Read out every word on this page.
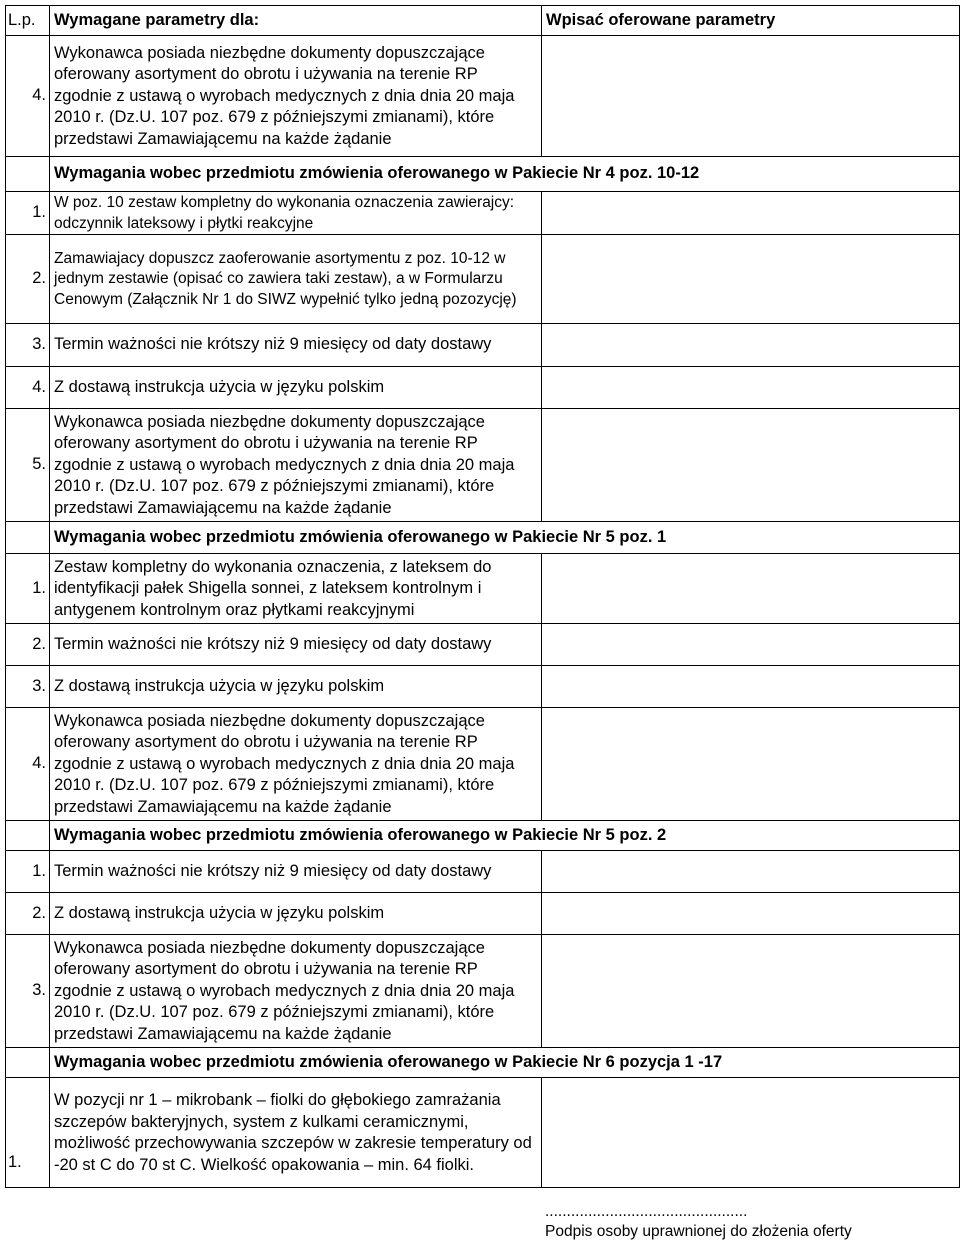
L.p.	Wymagane parametry dla:	Wpisać oferowane parametry
4.	Wykonawca posiada niezbędne dokumenty dopuszczające oferowany asortyment do obrotu i używania na terenie RP zgodnie z ustawą o wyrobach medycznych z dnia dnia 20 maja 2010 r. (Dz.U. 107 poz. 679 z późniejszymi zmianami), które przedstawi Zamawiającemu na każde żądanie	

	Wymagania wobec przedmiotu zmówienia oferowanego w Pakiecie Nr 4 poz. 10-12	
1.	W poz. 10 zestaw kompletny do wykonania oznaczenia zawierajcy: odczynnik lateksowy i płytki reakcyjne	

2.	Zamawiajacy dopuszcz zaoferowanie asortymentu z poz. 10-12 w jednym zestawie (opisać co zawiera taki zestaw), a w Formularzu Cenowym (Załącznik Nr 1 do SIWZ wypełnić tylko jedną pozozycję)	

3.	Termin ważności nie krótszy niż 9 miesięcy od daty dostawy	
4.	Z dostawą instrukcja użycia w języku polskim	
5.	Wykonawca posiada niezbędne dokumenty dopuszczające oferowany asortyment do obrotu i używania na terenie RP zgodnie z ustawą o wyrobach medycznych z dnia dnia 20 maja 2010 r. (Dz.U. 107 poz. 679 z późniejszymi zmianami), które przedstawi Zamawiającemu na każde żądanie	

	Wymagania wobec przedmiotu zmówienia oferowanego w Pakiecie Nr 5 poz. 1	
1.	Zestaw kompletny do wykonania oznaczenia, z lateksem do identyfikacji pałek Shigella sonnei, z lateksem kontrolnym i antygenem kontrolnym oraz płytkami reakcyjnymi	

2.	Termin ważności nie krótszy niż 9 miesięcy od daty dostawy	
3.	Z dostawą instrukcja użycia w języku polskim	
4.	Wykonawca posiada niezbędne dokumenty dopuszczające oferowany asortyment do obrotu i używania na terenie RP zgodnie z ustawą o wyrobach medycznych z dnia dnia 20 maja 2010 r. (Dz.U. 107 poz. 679 z późniejszymi zmianami), które przedstawi Zamawiającemu na każde żądanie	

	Wymagania wobec przedmiotu zmówienia oferowanego w Pakiecie Nr 5 poz. 2	
1.	Termin ważności nie krótszy niż 9 miesięcy od daty dostawy	
2.	Z dostawą instrukcja użycia w języku polskim	
3.	Wykonawca posiada niezbędne dokumenty dopuszczające oferowany asortyment do obrotu i używania na terenie RP zgodnie z ustawą o wyrobach medycznych z dnia dnia 20 maja 2010 r. (Dz.U. 107 poz. 679 z późniejszymi zmianami), które przedstawi Zamawiającemu na każde żądanie	

	Wymagania wobec przedmiotu zmówienia oferowanego w Pakiecie Nr 6 pozycja 1 -17	
1.	W pozycji nr 1 – mikrobank – fiolki do głębokiego zamrażania szczepów bakteryjnych, system z kulkami ceramicznymi, możliwość przechowywania szczepów w zakresie temperatury od -20 st C do 70 st C. Wielkość opakowania – min. 64 fiolki.	

...............................................
Podpis osoby uprawnionej do złożenia oferty
